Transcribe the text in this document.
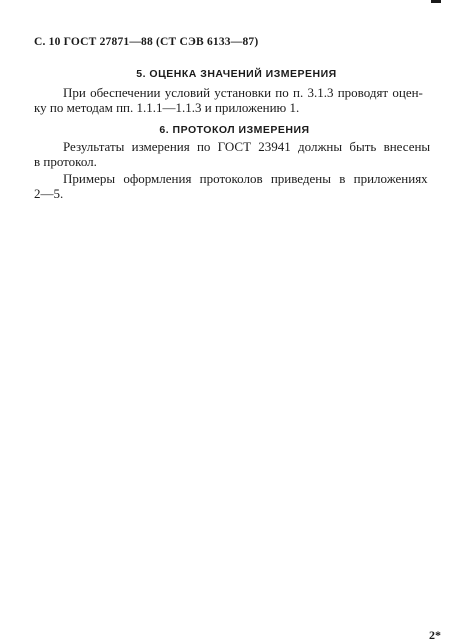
С. 10 ГОСТ 27871—88 (СТ СЭВ 6133—87)
5. ОЦЕНКА ЗНАЧЕНИЙ ИЗМЕРЕНИЯ
При обеспечении условий установки по п. 3.1.3 проводят оцен-
ку по методам пп. 1.1.1—1.1.3 и приложению 1.
6. ПРОТОКОЛ ИЗМЕРЕНИЯ
Результаты измерения по ГОСТ 23941 должны быть внесены
в протокол.
Примеры оформления протоколов приведены в приложениях
2—5.
2*
